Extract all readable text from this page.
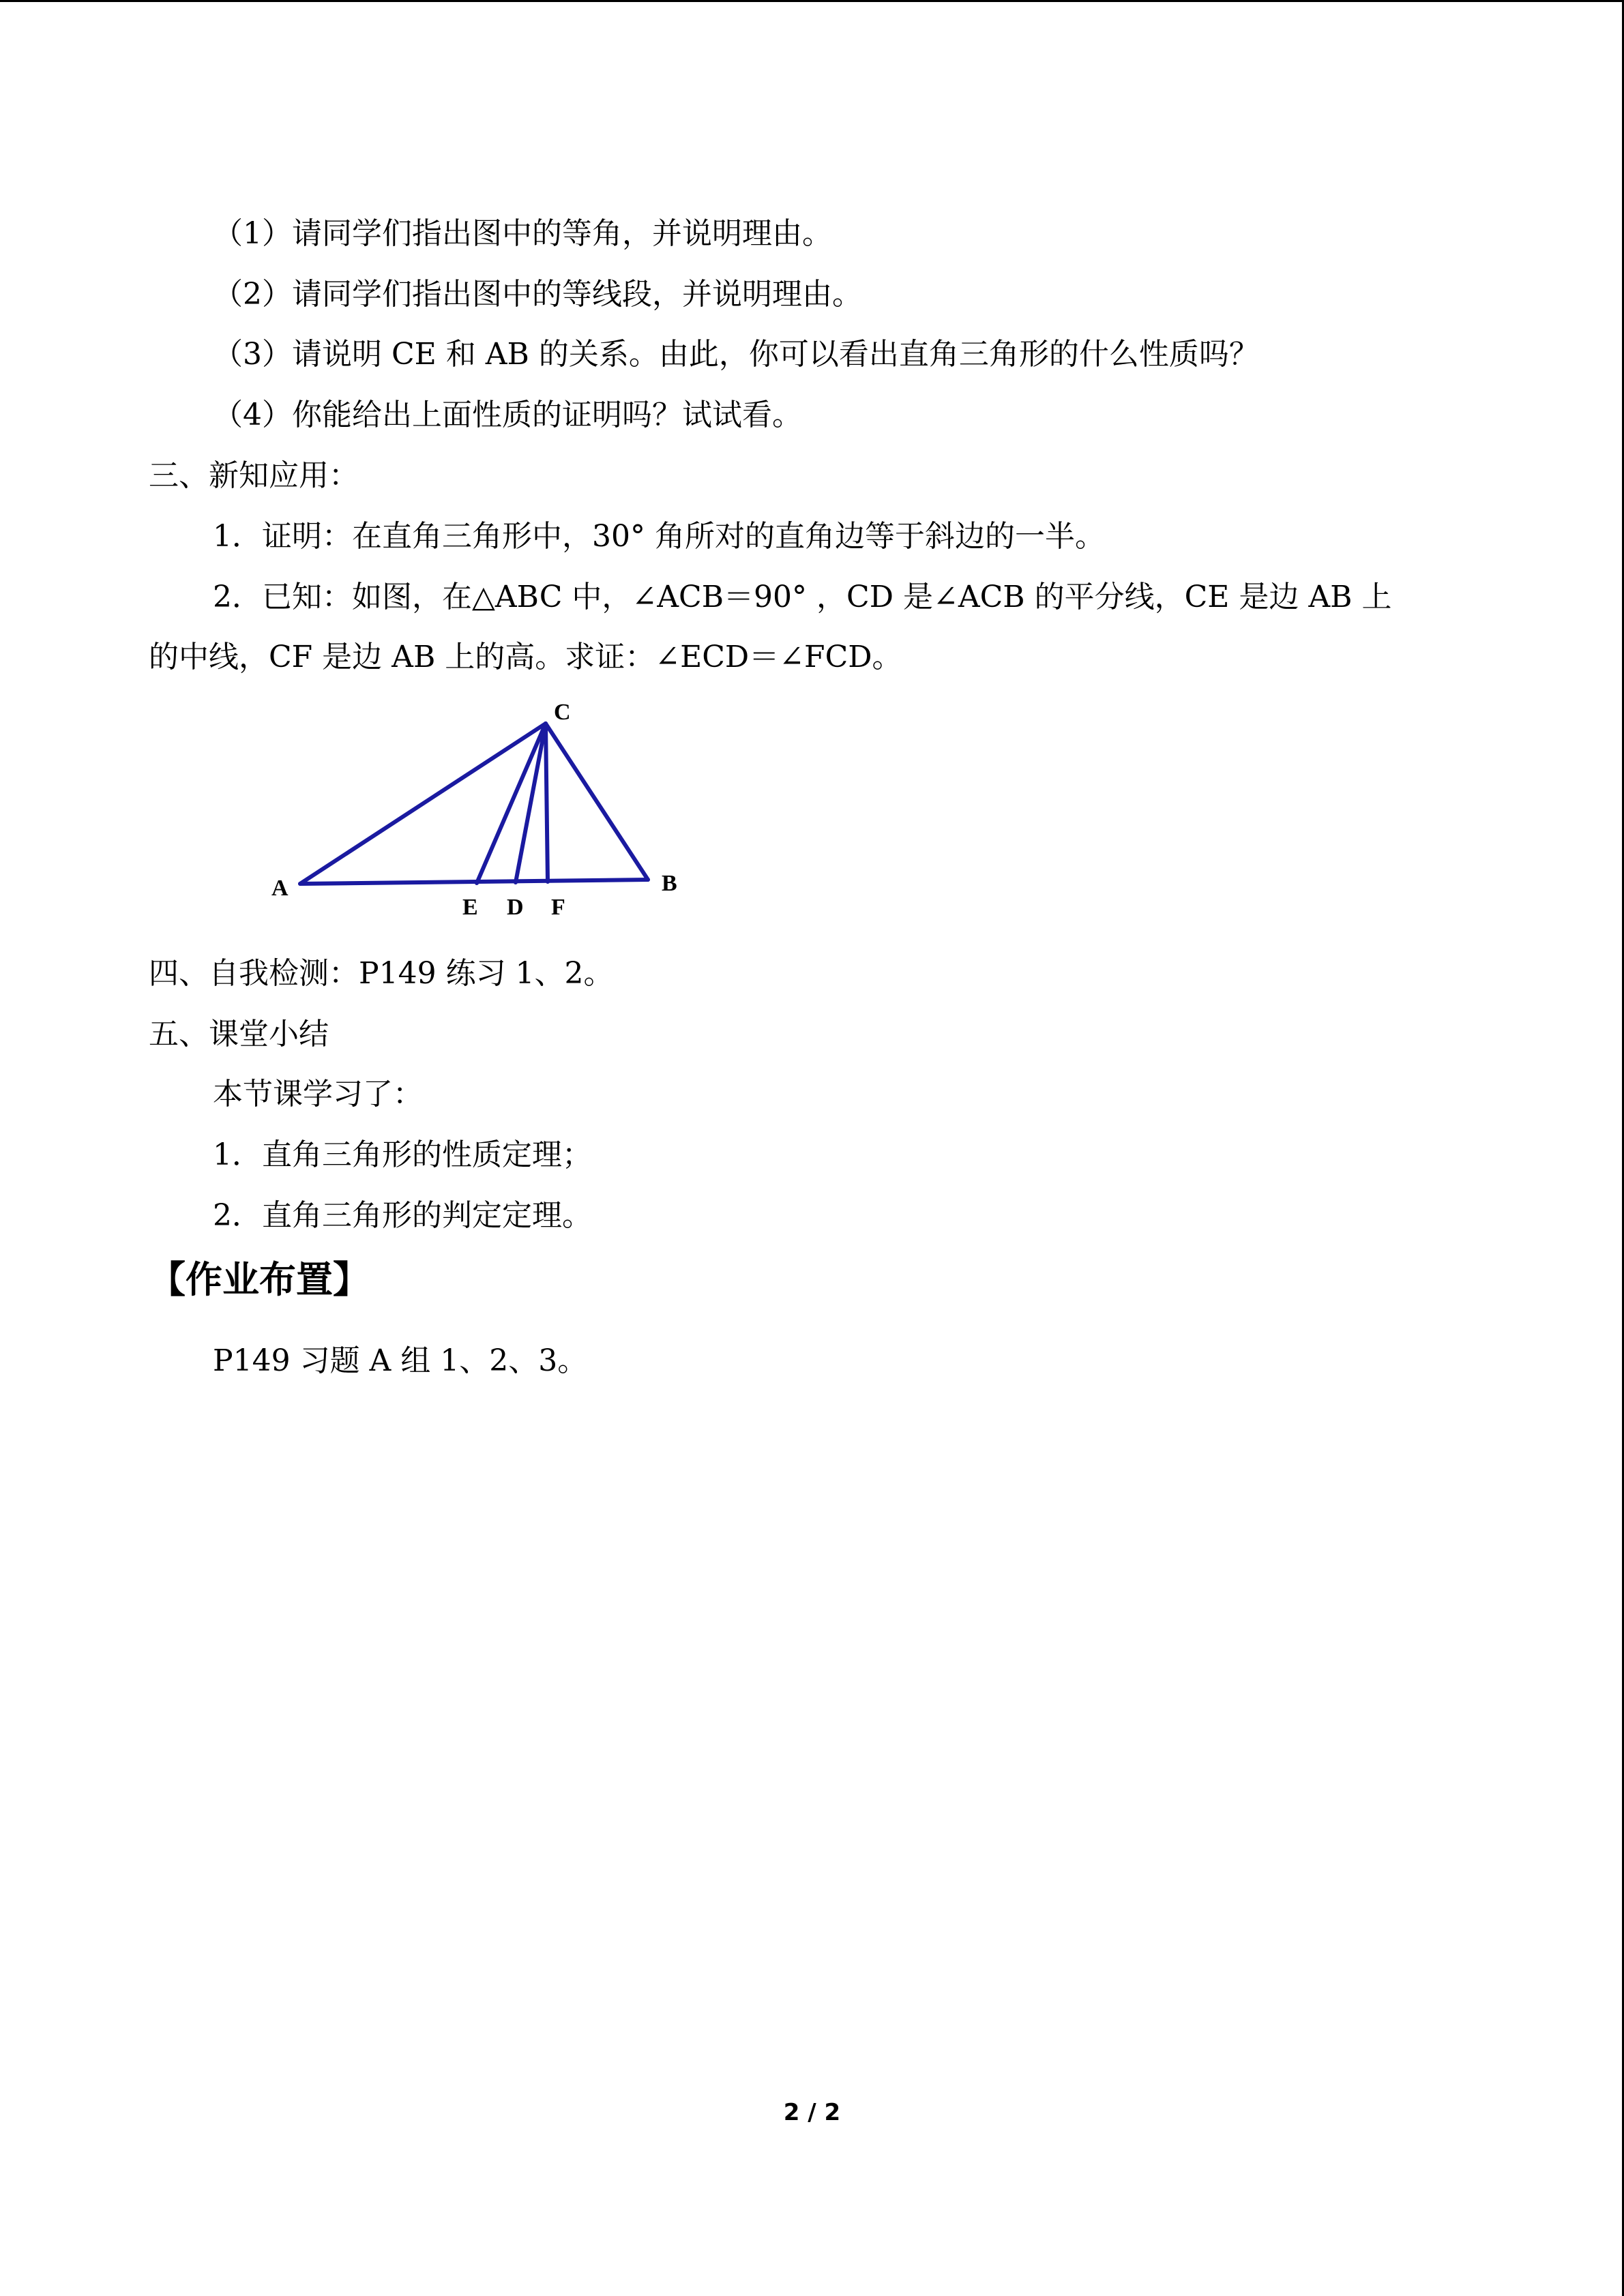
（1）请同学们指出图中的等角，并说明理由。
（2）请同学们指出图中的等线段，并说明理由。
（3）请说明 CE 和 AB 的关系。由此，你可以看出直角三角形的什么性质吗？
（4）你能给出上面性质的证明吗？试试看。
三、新知应用：
1．证明：在直角三角形中，30° 角所对的直角边等于斜边的一半。
2．已知：如图，在△ABC 中，∠ACB＝90° ，CD 是∠ACB 的平分线，CE 是边 AB 上
的中线，CF 是边 AB 上的高。求证：∠ECD＝∠FCD。
C
A	B
E D F
四、自我检测：P149 练习 1、2。
五、课堂小结
本节课学习了：
1．直角三角形的性质定理；
2．直角三角形的判定定理。
【作业布置】
P149 习题 A 组 1、2、3。
2 / 2
